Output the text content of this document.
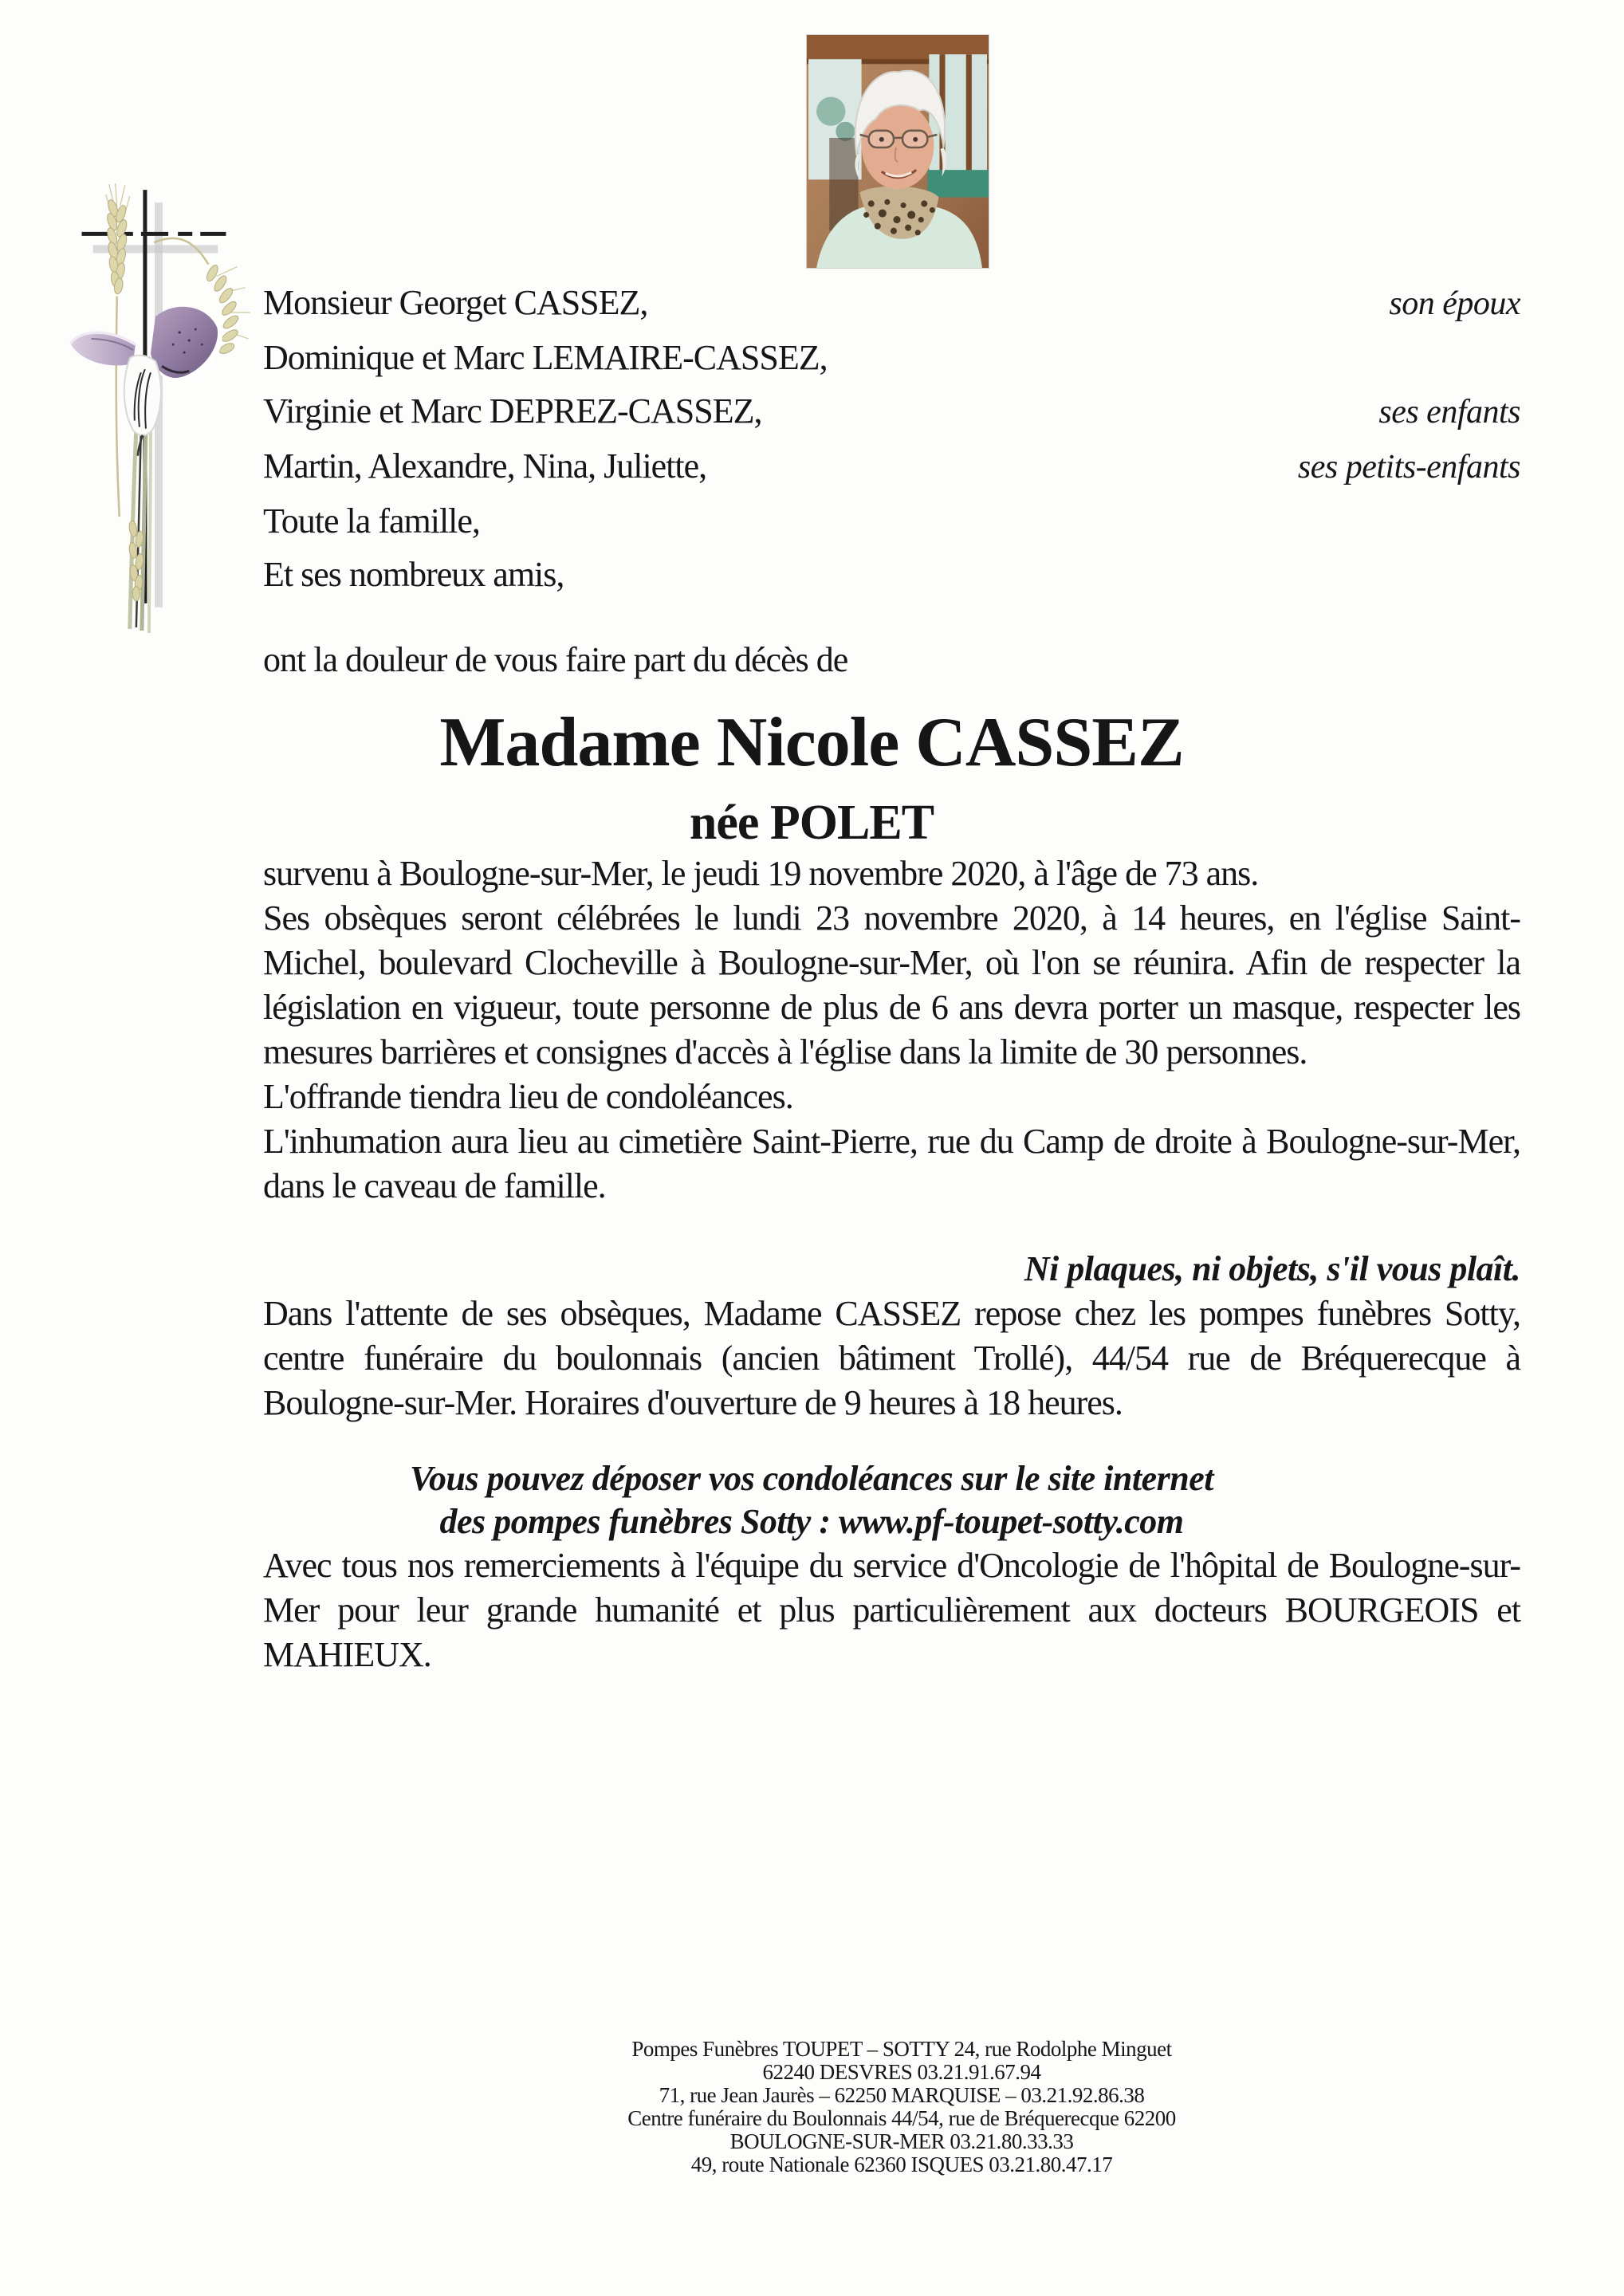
Monsieur Georget CASSEZ,	son époux
Dominique et Marc LEMAIRE-CASSEZ,
Virginie et Marc DEPREZ-CASSEZ,	ses enfants
Martin, Alexandre, Nina, Juliette,	ses petits-enfants
Toute la famille,
Et ses nombreux amis,

ont la douleur de vous faire part du décès de

Madame Nicole CASSEZ
née POLET

survenu à Boulogne-sur-Mer, le jeudi 19 novembre 2020, à l'âge de 73 ans.

Ses obsèques seront célébrées le lundi 23 novembre 2020, à 14 heures, en l'église Saint-Michel, boulevard Clocheville à Boulogne-sur-Mer, où l'on se réunira. Afin de respecter la législation en vigueur, toute personne de plus de 6 ans devra porter un masque, respecter les mesures barrières et consignes d'accès à l'église dans la limite de 30 personnes.

L'offrande tiendra lieu de condoléances.

L'inhumation aura lieu au cimetière Saint-Pierre, rue du Camp de droite à Boulogne-sur-Mer, dans le caveau de famille.

Ni plaques, ni objets, s'il vous plaît.

Dans l'attente de ses obsèques, Madame CASSEZ repose chez les pompes funèbres Sotty, centre funéraire du boulonnais (ancien bâtiment Trollé), 44/54 rue de Bréquerecque à Boulogne-sur-Mer. Horaires d'ouverture de 9 heures à 18 heures.

Vous pouvez déposer vos condoléances sur le site internet

des pompes funèbres Sotty : www.pf-toupet-sotty.com

Avec tous nos remerciements à l'équipe du service d'Oncologie de l'hôpital de Boulogne-sur-Mer pour leur grande humanité et plus particulièrement aux docteurs BOURGEOIS et MAHIEUX.

Pompes Funèbres TOUPET – SOTTY 24, rue Rodolphe Minguet
62240 DESVRES 03.21.91.67.94
71, rue Jean Jaurès – 62250 MARQUISE – 03.21.92.86.38
Centre funéraire du Boulonnais 44/54, rue de Bréquerecque 62200
BOULOGNE-SUR-MER 03.21.80.33.33
49, route Nationale 62360 ISQUES 03.21.80.47.17
